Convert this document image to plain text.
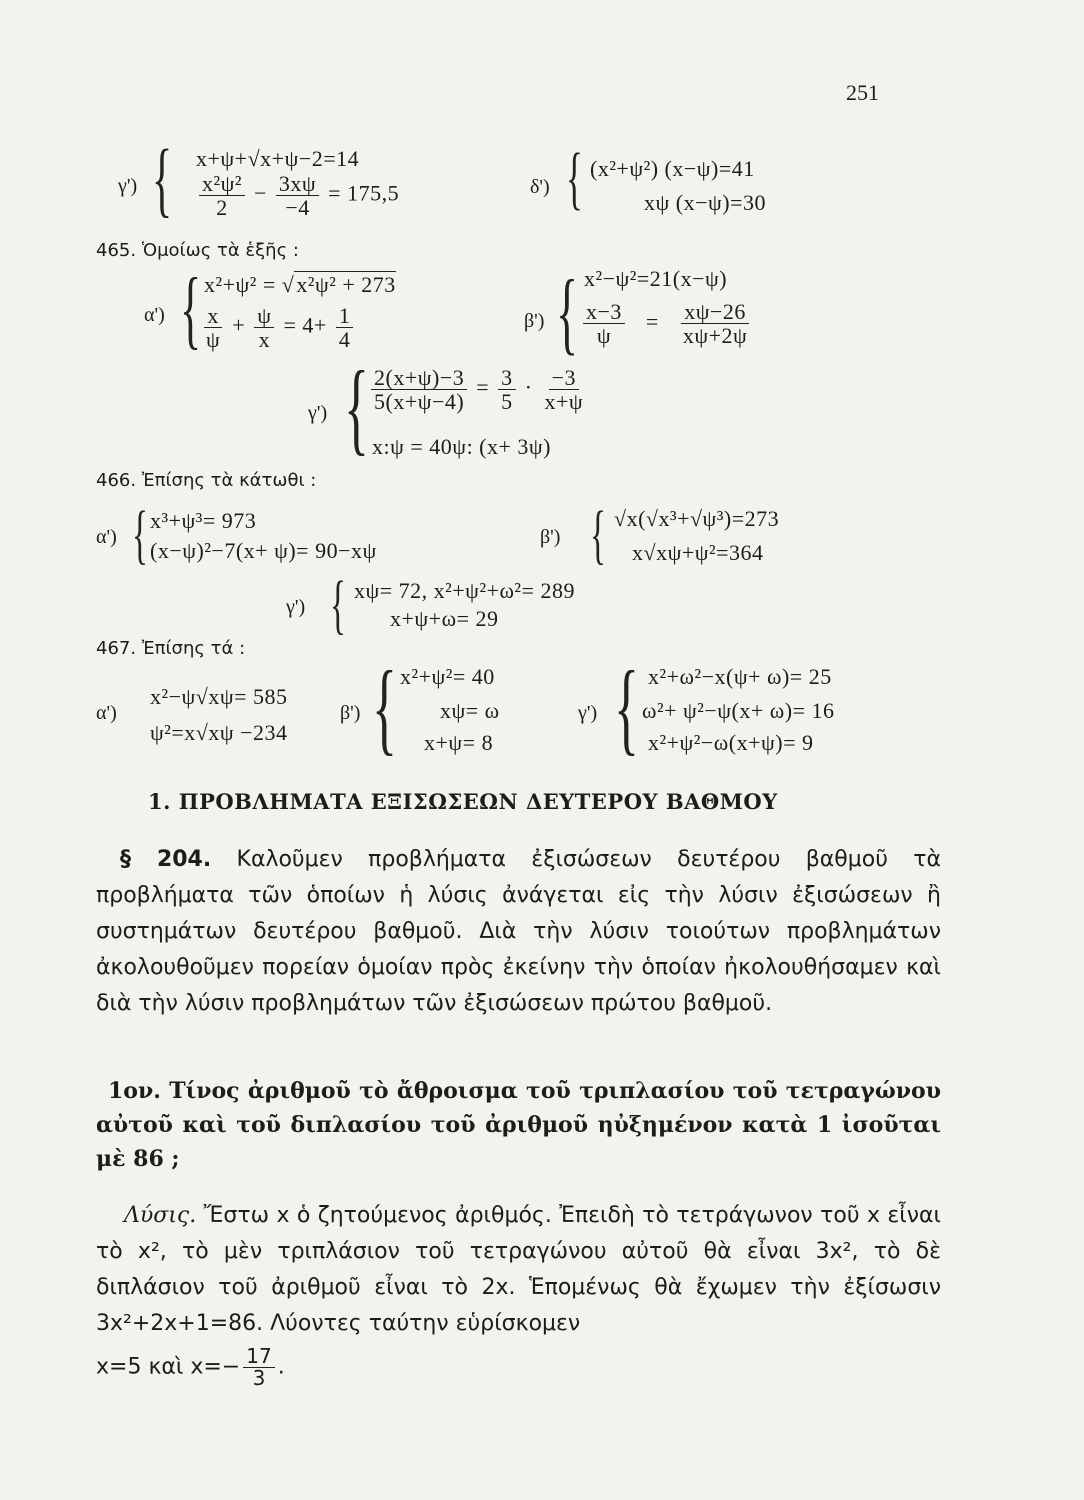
251
γ') { x+ψ+√x+ψ−2=14
$\frac{\text{x²ψ²}}{2} - \frac{3x\psi}{-4} = 175,5$	δ') { (x²+ψ²) (x−ψ)=41
xψ (x−ψ)=30
465. Ὁμοίως τὰ ἑξῆς :
α') { x²+ψ² = √x²ψ² + 273
$\frac{x}{\psi} + \frac{\psi}{x} = 4+ \frac{1}{4}$	β') { x²−ψ²=21(x−ψ)
$\frac{x-3}{\psi} = \frac{x\psi-26}{x\psi+2\psi}$
γ') { $\frac{2(x+\psi)-3}{5(x+\psi-4)} = \frac{3}{5} \cdot \frac{-3}{x+\psi}$
x:ψ = 40ψ: (x+ 3ψ)
466. Ἐπίσης τὰ κάτωθι :
α') { x³+ψ³= 973
(x−ψ)²−7(x+ ψ)= 90−xψ
β') { √x(√x³+√ψ³)=273
x√xψ+ψ²=364
γ') { xψ= 72, x²+ψ²+ω²= 289
x+ψ+ω= 29
467. Ἐπίσης τά :
α')
x²−ψ√xψ= 585
ψ²=x√xψ −234
β') { x²+ψ²= 40
xψ= ω
x+ψ= 8
γ') { x²+ω²−x(ψ+ ω)= 25
ω²+ ψ²−ψ(x+ ω)= 16
x²+ψ²−ω(x+ψ)= 9
1. ΠΡΟΒΛΗΜΑΤΑ ΕΞΙΣΩΣΕΩΝ ΔΕΥΤΕΡΟΥ ΒΑΘΜΟΥ
§ 204. Καλοῦμεν προβλήματα ἐξισώσεων δευτέρου βαθμοῦ τὰ προβλήματα τῶν ὁποίων ἡ λύσις ἀνάγεται εἰς τὴν λύσιν ἐξισώσεων ἢ συστημάτων δευτέρου βαθμοῦ. Διὰ τὴν λύσιν τοιούτων προβλημάτων ἀκολουθοῦμεν πορείαν ὁμοίαν πρὸς ἐκείνην τὴν ὁποίαν ἠκολουθήσαμεν καὶ διὰ τὴν λύσιν προβλημάτων τῶν ἐξισώσεων πρώτου βαθμοῦ.
1ον. Τίνος ἀριθμοῦ τὸ ἄθροισμα τοῦ τριπλασίου τοῦ τετραγώνου αὐτοῦ καὶ τοῦ διπλασίου τοῦ ἀριθμοῦ ηὐξημένον κατὰ 1 ἰσοῦται μὲ 86 ;
Λύσις. Ἔστω x ὁ ζητούμενος ἀριθμός. Ἐπειδὴ τὸ τετράγωνον τοῦ x εἶναι τὸ x², τὸ μὲν τριπλάσιον τοῦ τετραγώνου αὐτοῦ θὰ εἶναι 3x², τὸ δὲ διπλάσιον τοῦ ἀριθμοῦ εἶναι τὸ 2x. Ἑπομένως θὰ ἔχωμεν τὴν ἐξίσωσιν 3x²+2x+1=86. Λύοντες ταύτην εὑρίσκομεν
x=5 καὶ $x=- \frac{17}{3}$ .
